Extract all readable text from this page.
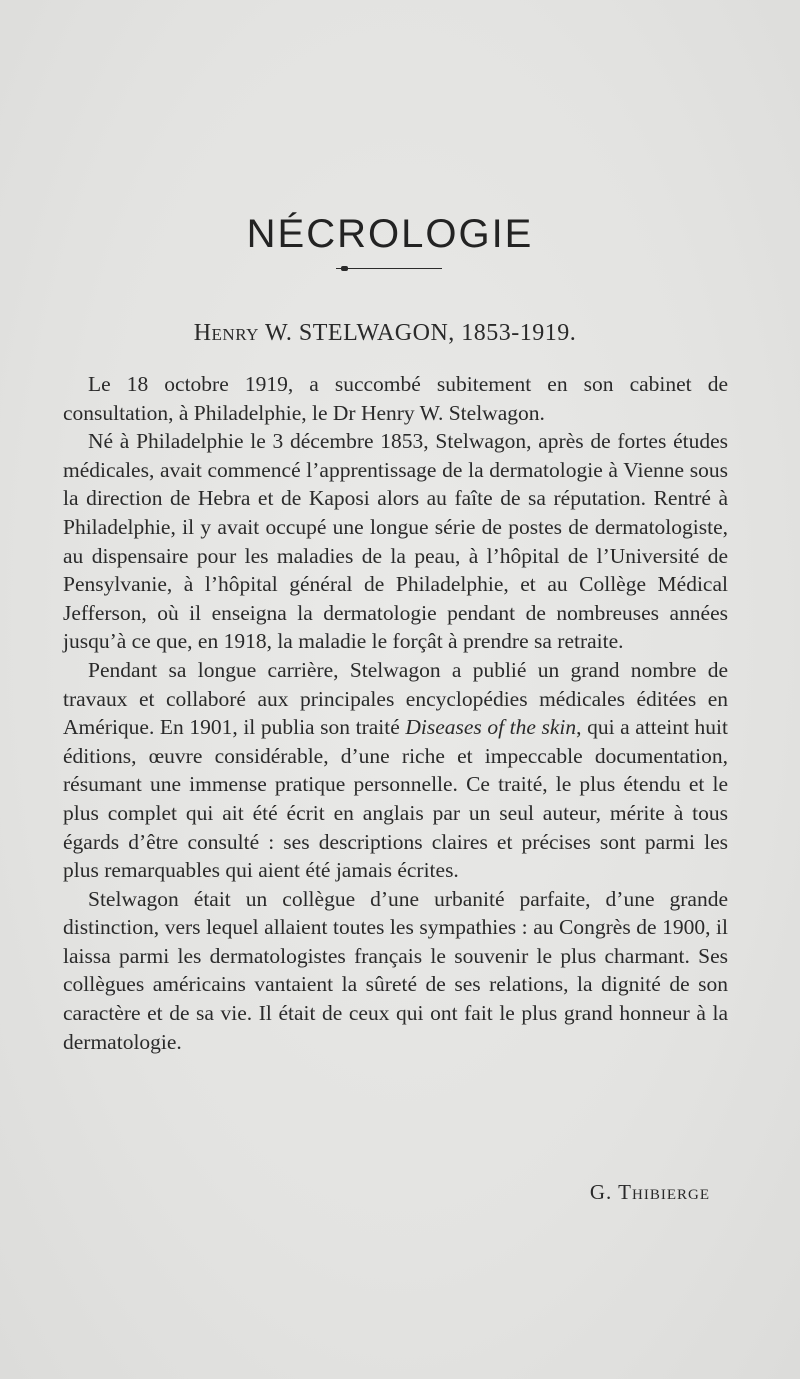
NÉCROLOGIE
Henry W. STELWAGON, 1853-1919.

Le 18 octobre 1919, a succombé subitement en son cabinet de consultation, à Philadelphie, le Dr Henry W. Stelwagon.

Né à Philadelphie le 3 décembre 1853, Stelwagon, après de fortes études médicales, avait commencé l’apprentissage de la dermatologie à Vienne sous la direction de Hebra et de Kaposi alors au faîte de sa réputation. Rentré à Philadelphie, il y avait occupé une longue série de postes de dermatologiste, au dispensaire pour les maladies de la peau, à l’hôpital de l’Université de Pensylvanie, à l’hôpital général de Philadelphie, et au Collège Médical Jefferson, où il enseigna la dermatologie pendant de nombreuses années jusqu’à ce que, en 1918, la maladie le forçât à prendre sa retraite.

Pendant sa longue carrière, Stelwagon a publié un grand nombre de travaux et collaboré aux principales encyclopédies médicales éditées en Amérique. En 1901, il publia son traité Diseases of the skin, qui a atteint huit éditions, œuvre considérable, d’une riche et impeccable documentation, résumant une immense pratique personnelle. Ce traité, le plus étendu et le plus complet qui ait été écrit en anglais par un seul auteur, mérite à tous égards d’être consulté : ses descriptions claires et précises sont parmi les plus remarquables qui aient été jamais écrites.

Stelwagon était un collègue d’une urbanité parfaite, d’une grande distinction, vers lequel allaient toutes les sympathies : au Congrès de 1900, il laissa parmi les dermatologistes français le souvenir le plus charmant. Ses collègues américains vantaient la sûreté de ses relations, la dignité de son caractère et de sa vie. Il était de ceux qui ont fait le plus grand honneur à la dermatologie.

G. Thibierge
